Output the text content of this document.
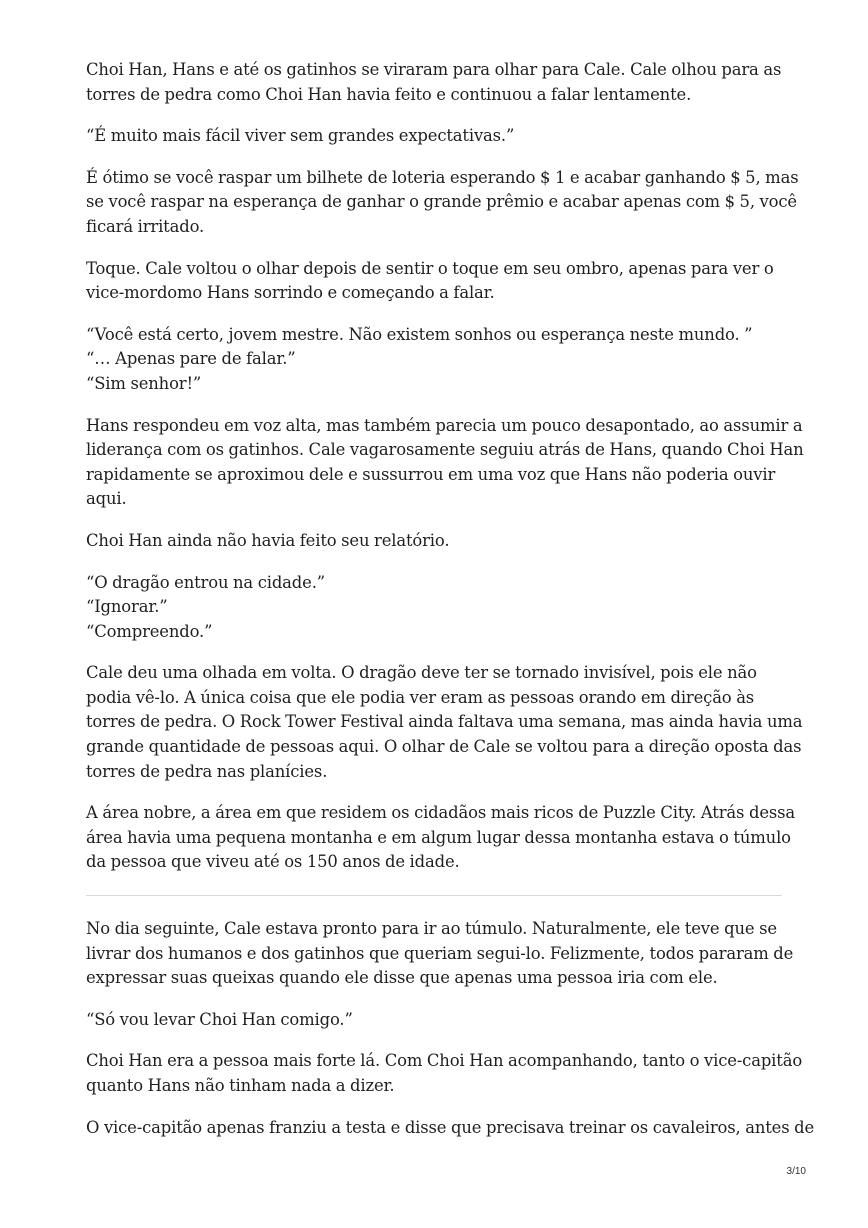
Choi Han, Hans e até os gatinhos se viraram para olhar para Cale. Cale olhou para as
torres de pedra como Choi Han havia feito e continuou a falar lentamente.

“É muito mais fácil viver sem grandes expectativas.”

É ótimo se você raspar um bilhete de loteria esperando $ 1 e acabar ganhando $ 5, mas
se você raspar na esperança de ganhar o grande prêmio e acabar apenas com $ 5, você
ficará irritado.

Toque. Cale voltou o olhar depois de sentir o toque em seu ombro, apenas para ver o
vice-mordomo Hans sorrindo e começando a falar.

“Você está certo, jovem mestre. Não existem sonhos ou esperança neste mundo. ”
“… Apenas pare de falar.”
“Sim senhor!”

Hans respondeu em voz alta, mas também parecia um pouco desapontado, ao assumir a
liderança com os gatinhos. Cale vagarosamente seguiu atrás de Hans, quando Choi Han
rapidamente se aproximou dele e sussurrou em uma voz que Hans não poderia ouvir
aqui.

Choi Han ainda não havia feito seu relatório.

“O dragão entrou na cidade.”
“Ignorar.”
“Compreendo.”

Cale deu uma olhada em volta. O dragão deve ter se tornado invisível, pois ele não
podia vê-lo. A única coisa que ele podia ver eram as pessoas orando em direção às
torres de pedra. O Rock Tower Festival ainda faltava uma semana, mas ainda havia uma
grande quantidade de pessoas aqui. O olhar de Cale se voltou para a direção oposta das
torres de pedra nas planícies.

A área nobre, a área em que residem os cidadãos mais ricos de Puzzle City. Atrás dessa
área havia uma pequena montanha e em algum lugar dessa montanha estava o túmulo
da pessoa que viveu até os 150 anos de idade.

No dia seguinte, Cale estava pronto para ir ao túmulo. Naturalmente, ele teve que se
livrar dos humanos e dos gatinhos que queriam segui-lo. Felizmente, todos pararam de
expressar suas queixas quando ele disse que apenas uma pessoa iria com ele.

“Só vou levar Choi Han comigo.”

Choi Han era a pessoa mais forte lá. Com Choi Han acompanhando, tanto o vice-capitão
quanto Hans não tinham nada a dizer.

O vice-capitão apenas franziu a testa e disse que precisava treinar os cavaleiros, antes de

3/10
